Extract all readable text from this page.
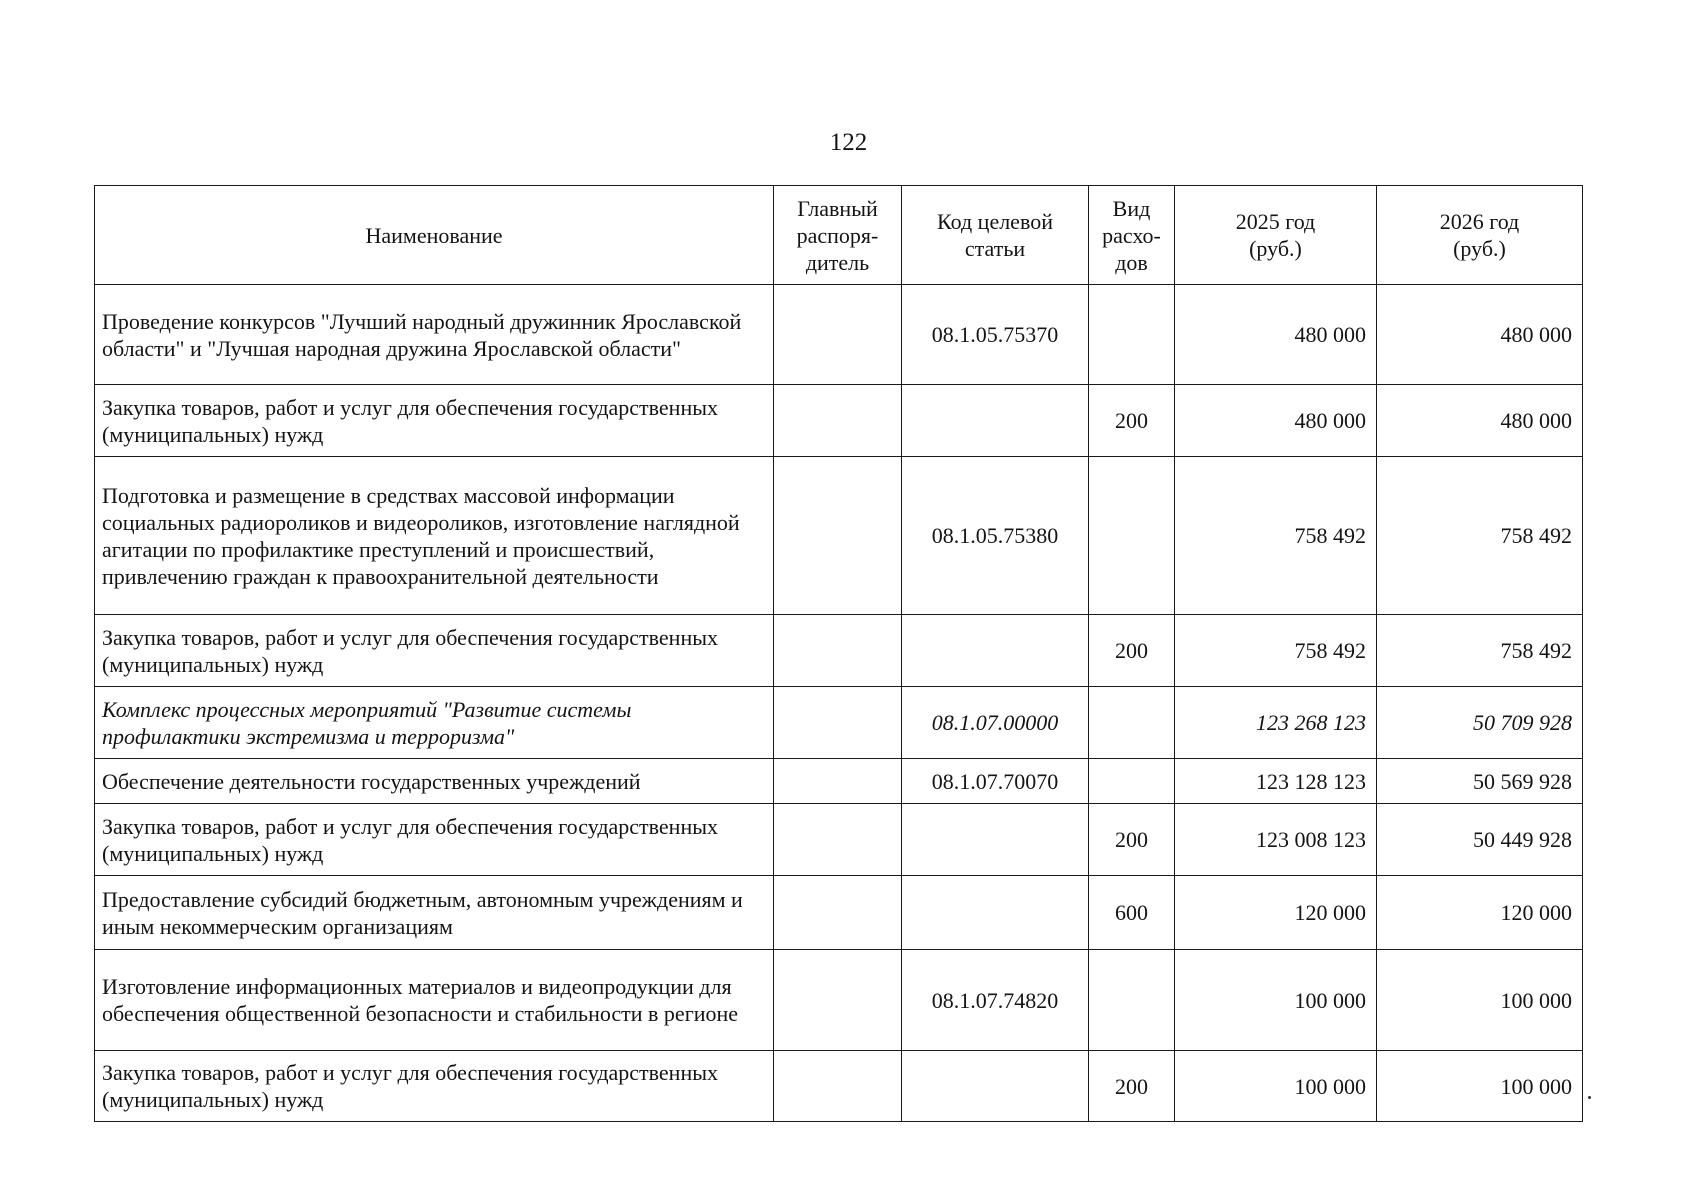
122
Наименование	Главный распоря-дитель	Код целевой статьи	Вид расхо-дов	2025 год (руб.)	2026 год (руб.)
Проведение конкурсов "Лучший народный дружинник Ярославской области" и "Лучшая народная дружина Ярославской области"		08.1.05.75370		480 000	480 000
Закупка товаров, работ и услуг для обеспечения государственных (муниципальных) нужд			200	480 000	480 000
Подготовка и размещение в средствах массовой информации социальных радиороликов и видеороликов, изготовление наглядной агитации по профилактике преступлений и происшествий, привлечению граждан к правоохранительной деятельности		08.1.05.75380		758 492	758 492
Закупка товаров, работ и услуг для обеспечения государственных (муниципальных) нужд			200	758 492	758 492
Комплекс процессных мероприятий "Развитие системы профилактики экстремизма и терроризма"		08.1.07.00000		123 268 123	50 709 928
Обеспечение деятельности государственных учреждений		08.1.07.70070		123 128 123	50 569 928
Закупка товаров, работ и услуг для обеспечения государственных (муниципальных) нужд			200	123 008 123	50 449 928
Предоставление субсидий бюджетным, автономным учреждениям и иным некоммерческим организациям			600	120 000	120 000
Изготовление информационных материалов и видеопродукции для обеспечения общественной безопасности и стабильности в регионе		08.1.07.74820		100 000	100 000
Закупка товаров, работ и услуг для обеспечения государственных (муниципальных) нужд			200	100 000	100 000
